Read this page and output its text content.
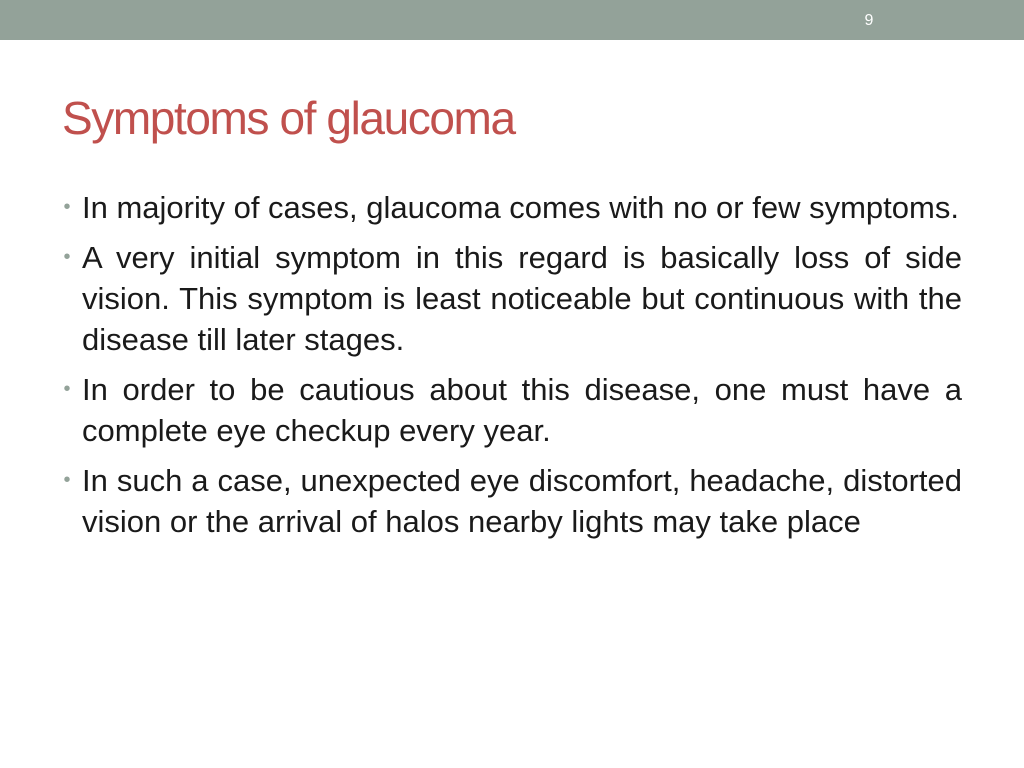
9
Symptoms of glaucoma
• In majority of cases, glaucoma comes with no or few symptoms.
• A very initial symptom in this regard is basically loss of side vision. This symptom is least noticeable but continuous with the disease till later stages.
• In order to be cautious about this disease, one must have a complete eye checkup every year.
• In such a case, unexpected eye discomfort, headache, distorted vision or the arrival of halos nearby lights may take place
